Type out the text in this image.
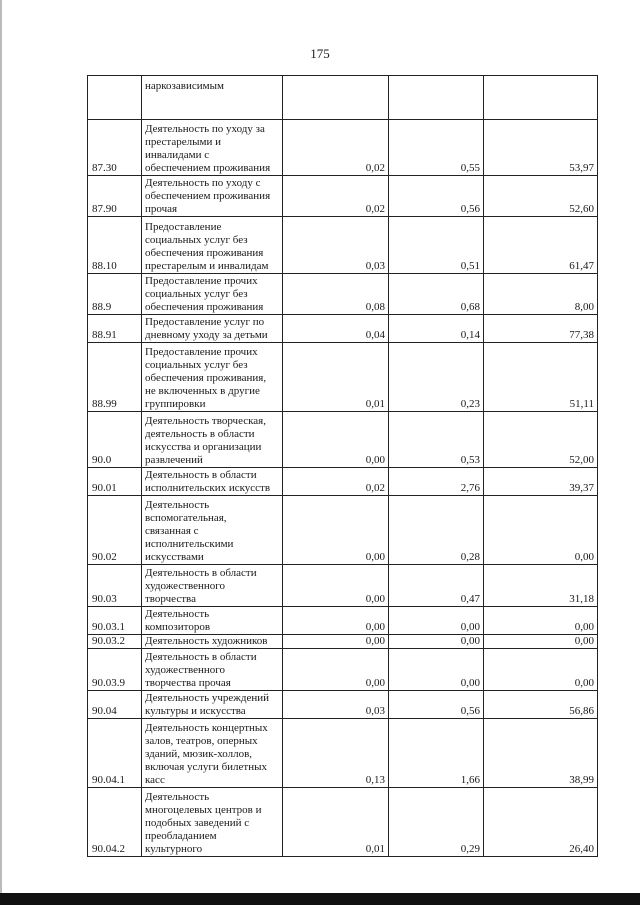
175
	наркозависимым			
87.30	Деятельность по уходу за
престарелыми и
инвалидами с
обеспечением проживания	0,02	0,55	53,97
87.90	Деятельность по уходу с
обеспечением проживания
прочая	0,02	0,56	52,60
88.10	Предоставление
социальных услуг без
обеспечения проживания
престарелым и инвалидам	0,03	0,51	61,47
88.9	Предоставление прочих
социальных услуг без
обеспечения проживания	0,08	0,68	8,00
88.91	Предоставление услуг по
дневному уходу за детьми	0,04	0,14	77,38
88.99	Предоставление прочих
социальных услуг без
обеспечения проживания,
не включенных в другие
группировки	0,01	0,23	51,11
90.0	Деятельность творческая,
деятельность в области
искусства и организации
развлечений	0,00	0,53	52,00
90.01	Деятельность в области
исполнительских искусств	0,02	2,76	39,37
90.02	Деятельность
вспомогательная,
связанная с
исполнительскими
искусствами	0,00	0,28	0,00
90.03	Деятельность в области
художественного
творчества	0,00	0,47	31,18
90.03.1	Деятельность
композиторов	0,00	0,00	0,00
90.03.2	Деятельность художников	0,00	0,00	0,00
90.03.9	Деятельность в области
художественного
творчества прочая	0,00	0,00	0,00
90.04	Деятельность учреждений
культуры и искусства	0,03	0,56	56,86
90.04.1	Деятельность концертных
залов, театров, оперных
зданий, мюзик-холлов,
включая услуги билетных
касс	0,13	1,66	38,99
90.04.2	Деятельность
многоцелевых центров и
подобных заведений с
преобладанием
культурного	0,01	0,29	26,40
